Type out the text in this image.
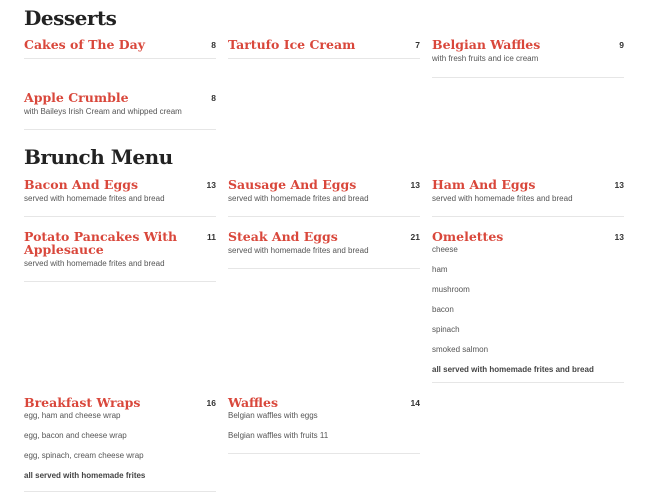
Desserts
Cakes of The Day	8 Tartufo Ice Cream	7 Belgian Waffles	9
with fresh fruits and ice cream
Apple Crumble	8
with Baileys Irish Cream and whipped cream
Brunch Menu
Bacon And Eggs	13
served with homemade frites and bread
Sausage And Eggs	13
served with homemade frites and bread
Ham And Eggs	13
served with homemade frites and bread
Potato Pancakes With Applesauce
11
served with homemade frites and bread
Steak And Eggs	21
served with homemade frites and bread
Omelettes	13
cheese
ham
mushroom
bacon
spinach
smoked salmon
all served with homemade frites and bread
Breakfast Wraps	16
egg, ham and cheese wrap
egg, bacon and cheese wrap
egg, spinach, cream cheese wrap
all served with homemade frites
Waffles	14
Belgian waffles with eggs
Belgian waffles with fruits 11
